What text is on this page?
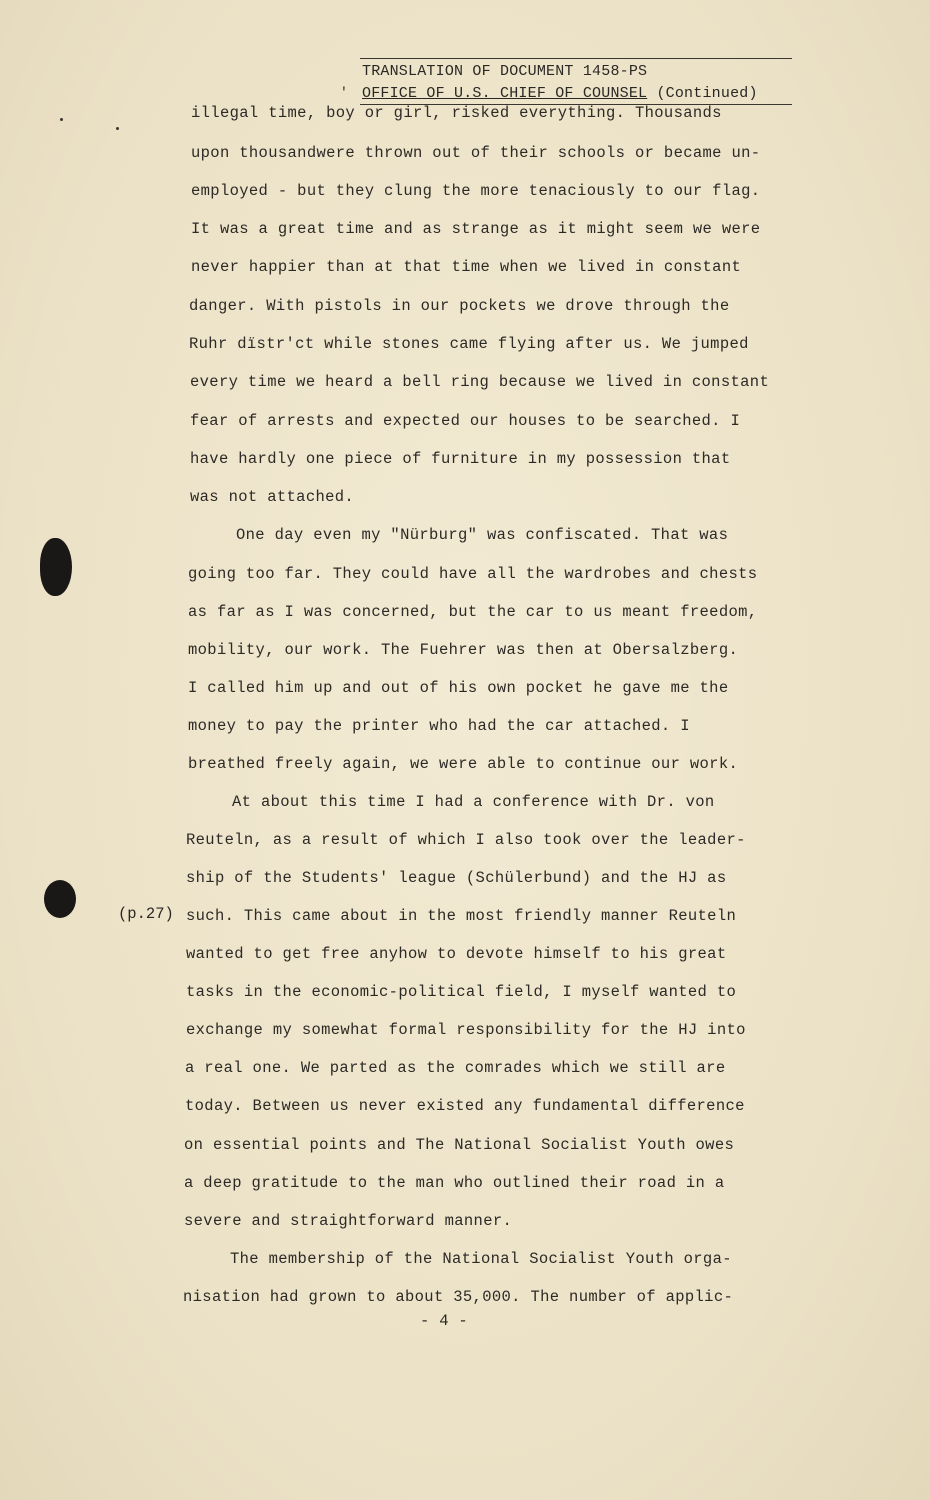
TRANSLATION OF DOCUMENT 1458-PS
' OFFICE OF U.S. CHIEF OF COUNSEL (Continued)
illegal time, boy or girl, risked everything. Thousands
upon thousandwere thrown out of their schools or became un-
employed - but they clung the more tenaciously to our flag.
It was a great time and as strange as it might seem we were
never happier than at that time when we lived in constant
danger. With pistols in our pockets we drove through the
Ruhr dïstr'ct while stones came flying after us. We jumped
every time we heard a bell ring because we lived in constant
fear of arrests and expected our houses to be searched. I
have hardly one piece of furniture in my possession that
was not attached.
One day even my "Nürburg" was confiscated. That was
going too far. They could have all the wardrobes and chests
as far as I was concerned, but the car to us meant freedom,
mobility, our work. The Fuehrer was then at Obersalzberg.
I called him up and out of his own pocket he gave me the
money to pay the printer who had the car attached. I
breathed freely again, we were able to continue our work.
At about this time I had a conference with Dr. von
Reuteln, as a result of which I also took over the leader-
ship of the Students' league (Schülerbund) and the HJ as
such. This came about in the most friendly manner Reuteln
wanted to get free anyhow to devote himself to his great
tasks in the economic-political field, I myself wanted to
exchange my somewhat formal responsibility for the HJ into
a real one. We parted as the comrades which we still are
today. Between us never existed any fundamental difference
on essential points and The National Socialist Youth owes
a deep gratitude to the man who outlined their road in a
severe and straightforward manner.
The membership of the National Socialist Youth orga-
nisation had grown to about 35,000. The number of applic-
(p.27)
- 4 -
